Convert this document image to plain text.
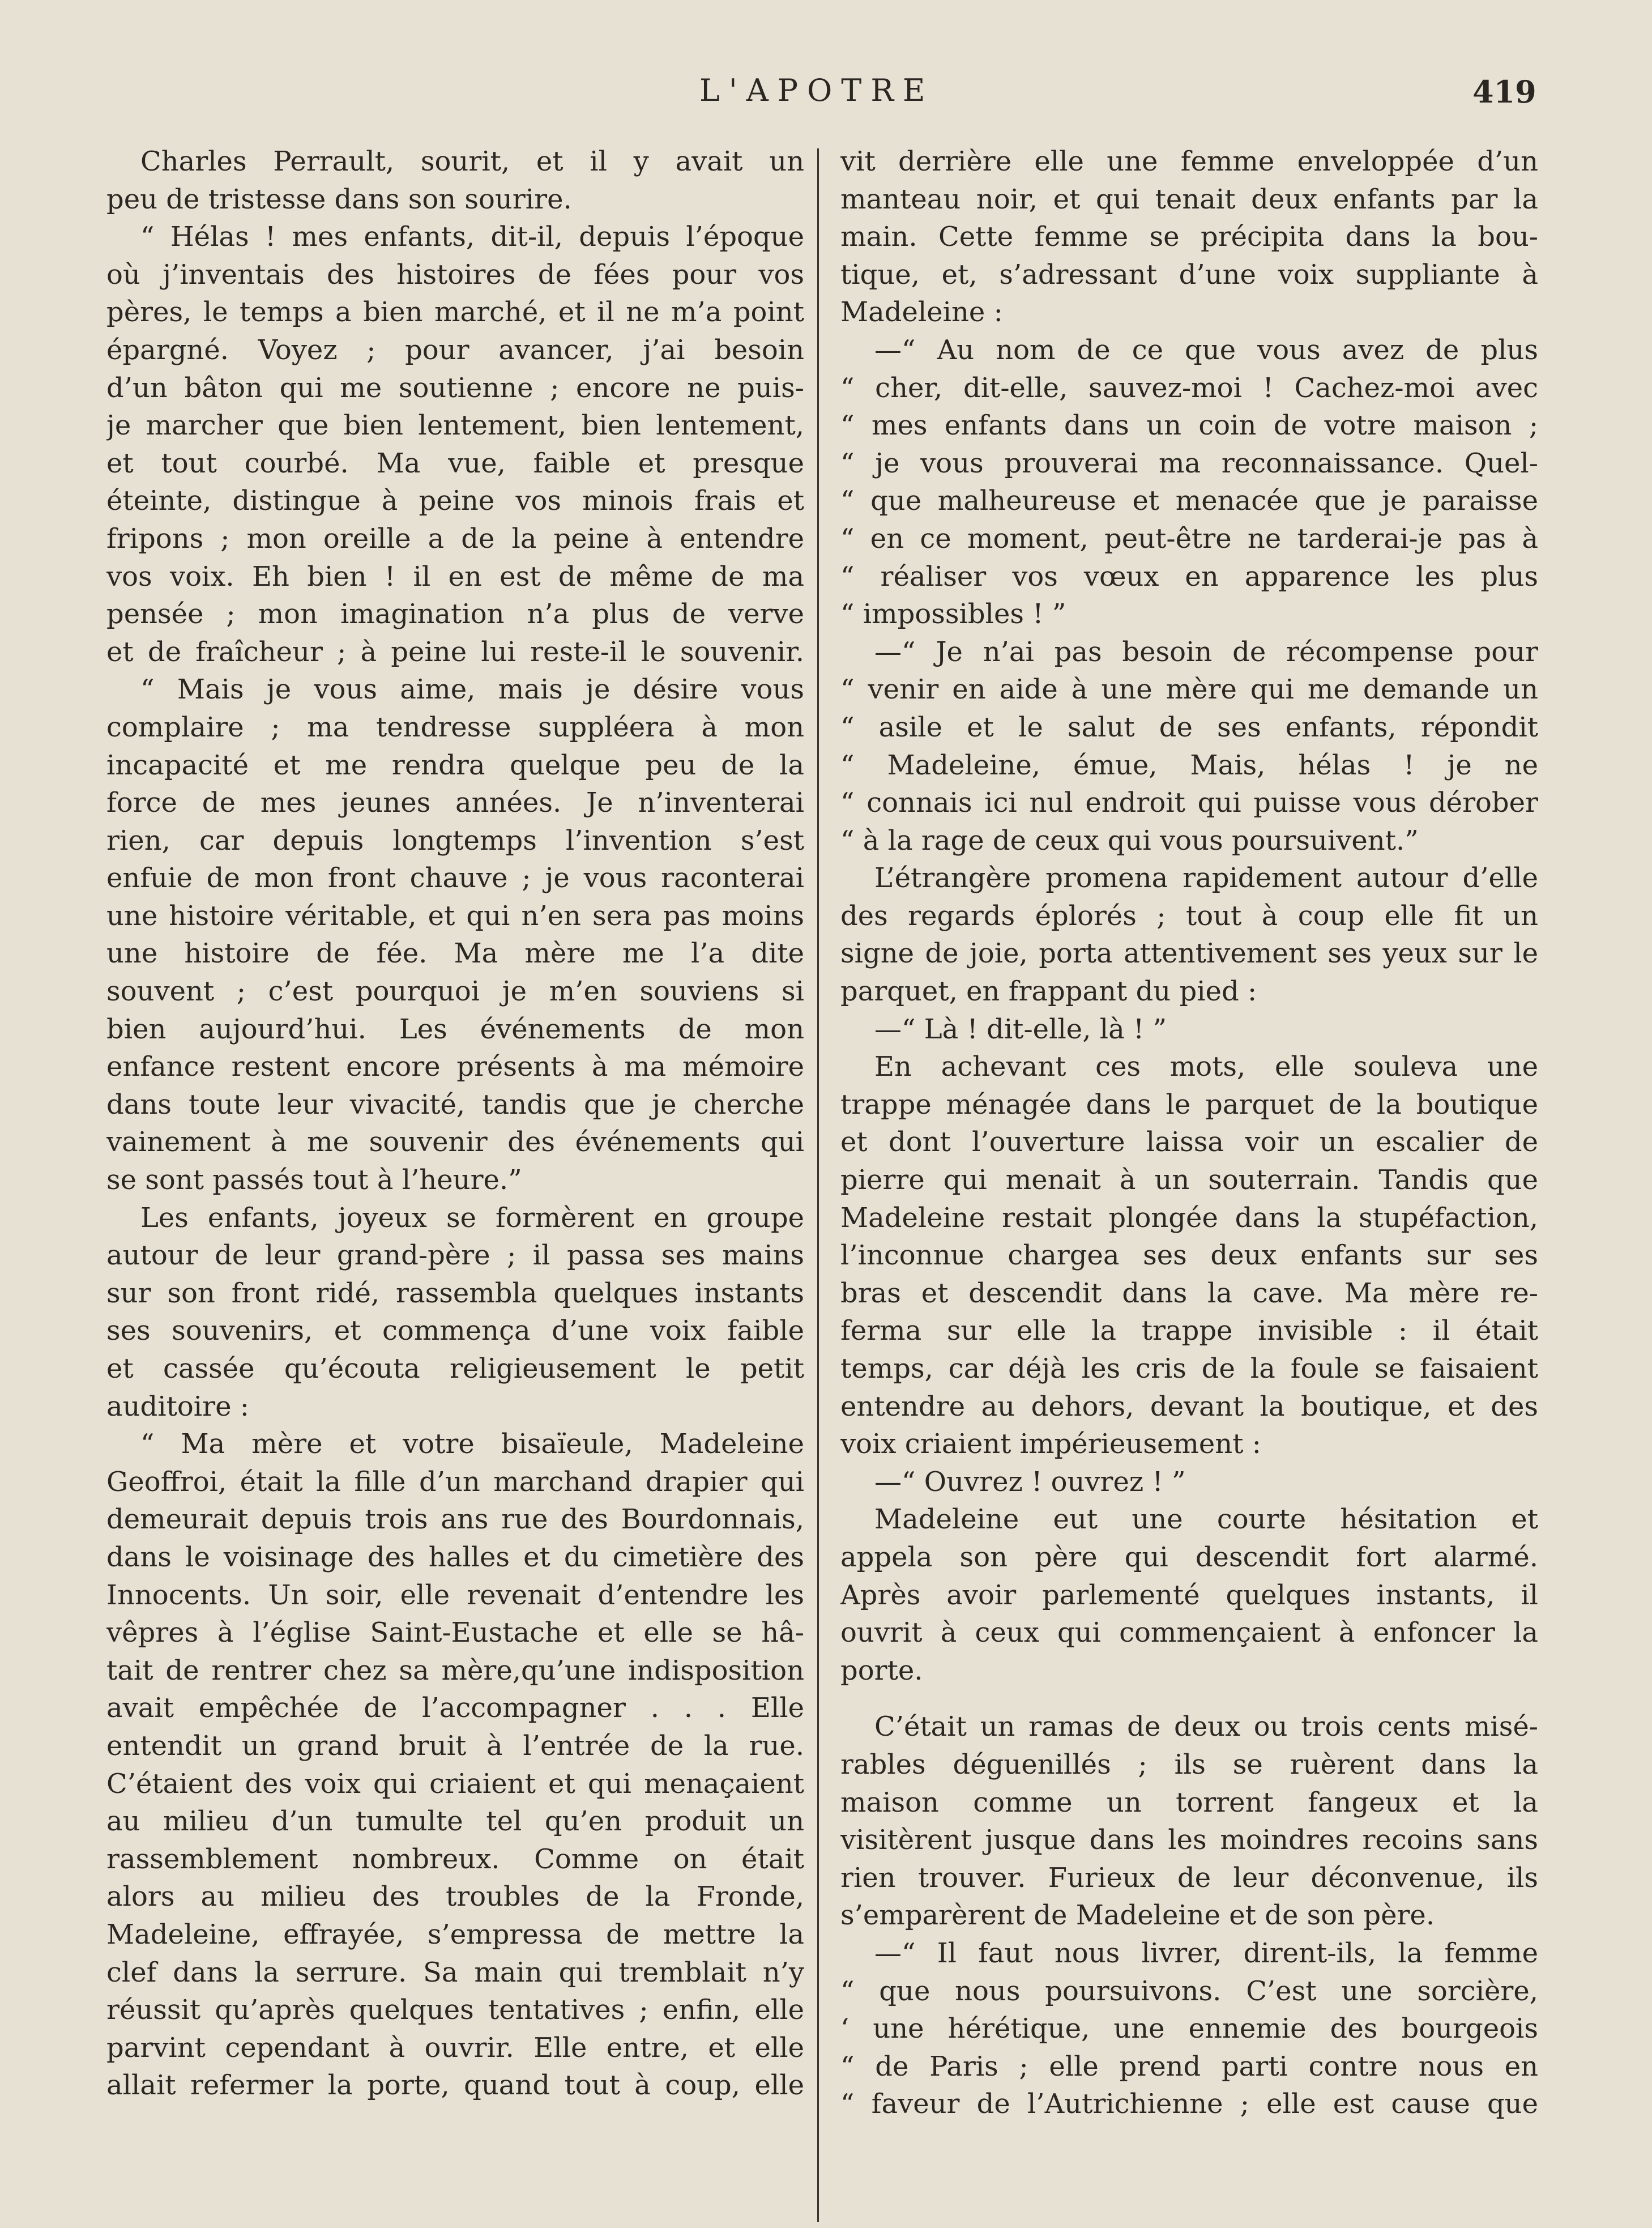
L'APOTRE	419
Charles Perrault, sourit, et il y avait un
peu de tristesse dans son sourire.
“ Hélas ! mes enfants, dit-il, depuis l’époque
où j’inventais des histoires de fées pour vos
pères, le temps a bien marché, et il ne m’a point
épargné. Voyez ; pour avancer, j’ai besoin
d’un bâton qui me soutienne ; encore ne puis-
je marcher que bien lentement, bien lentement,
et tout courbé. Ma vue, faible et presque
éteinte, distingue à peine vos minois frais et
fripons ; mon oreille a de la peine à entendre
vos voix. Eh bien ! il en est de même de ma
pensée ; mon imagination n’a plus de verve
et de fraîcheur ; à peine lui reste-il le souvenir.
“ Mais je vous aime, mais je désire vous
complaire ; ma tendresse suppléera à mon
incapacité et me rendra quelque peu de la
force de mes jeunes années. Je n’inventerai
rien, car depuis longtemps l’invention s’est
enfuie de mon front chauve ; je vous raconterai
une histoire véritable, et qui n’en sera pas moins
une histoire de fée. Ma mère me l’a dite
souvent ; c’est pourquoi je m’en souviens si
bien aujourd’hui. Les événements de mon
enfance restent encore présents à ma mémoire
dans toute leur vivacité, tandis que je cherche
vainement à me souvenir des événements qui
se sont passés tout à l’heure.”
Les enfants, joyeux se formèrent en groupe
autour de leur grand-père ; il passa ses mains
sur son front ridé, rassembla quelques instants
ses souvenirs, et commença d’une voix faible
et cassée qu’écouta religieusement le petit
auditoire :
“ Ma mère et votre bisaïeule, Madeleine
Geoffroi, était la fille d’un marchand drapier qui
demeurait depuis trois ans rue des Bourdonnais,
dans le voisinage des halles et du cimetière des
Innocents. Un soir, elle revenait d’entendre les
vêpres à l’église Saint-Eustache et elle se hâ-
tait de rentrer chez sa mère,qu’une indisposition
avait empêchée de l’accompagner . . . Elle
entendit un grand bruit à l’entrée de la rue.
C’étaient des voix qui criaient et qui menaçaient
au milieu d’un tumulte tel qu’en produit un
rassemblement nombreux. Comme on était
alors au milieu des troubles de la Fronde,
Madeleine, effrayée, s’empressa de mettre la
clef dans la serrure. Sa main qui tremblait n’y
réussit qu’après quelques tentatives ; enfin, elle
parvint cependant à ouvrir. Elle entre, et elle
allait refermer la porte, quand tout à coup, elle
vit derrière elle une femme enveloppée d’un
manteau noir, et qui tenait deux enfants par la
main. Cette femme se précipita dans la bou-
tique, et, s’adressant d’une voix suppliante à
Madeleine :
—“ Au nom de ce que vous avez de plus
“ cher, dit-elle, sauvez-moi ! Cachez-moi avec
“ mes enfants dans un coin de votre maison ;
“ je vous prouverai ma reconnaissance. Quel-
“ que malheureuse et menacée que je paraisse
“ en ce moment, peut-être ne tarderai-je pas à
“ réaliser vos vœux en apparence les plus
“ impossibles ! ”
—“ Je n’ai pas besoin de récompense pour
“ venir en aide à une mère qui me demande un
“ asile et le salut de ses enfants, répondit
“ Madeleine, émue, Mais, hélas ! je ne
“ connais ici nul endroit qui puisse vous dérober
“ à la rage de ceux qui vous poursuivent.”
L’étrangère promena rapidement autour d’elle
des regards éplorés ; tout à coup elle fit un
signe de joie, porta attentivement ses yeux sur le
parquet, en frappant du pied :
—“ Là ! dit-elle, là ! ”
En achevant ces mots, elle souleva une
trappe ménagée dans le parquet de la boutique
et dont l’ouverture laissa voir un escalier de
pierre qui menait à un souterrain. Tandis que
Madeleine restait plongée dans la stupéfaction,
l’inconnue chargea ses deux enfants sur ses
bras et descendit dans la cave. Ma mère re-
ferma sur elle la trappe invisible : il était
temps, car déjà les cris de la foule se faisaient
entendre au dehors, devant la boutique, et des
voix criaient impérieusement :
—“ Ouvrez ! ouvrez ! ”
Madeleine eut une courte hésitation et
appela son père qui descendit fort alarmé.
Après avoir parlementé quelques instants, il
ouvrit à ceux qui commençaient à enfoncer la
porte.
C’était un ramas de deux ou trois cents misé-
rables déguenillés ; ils se ruèrent dans la
maison comme un torrent fangeux et la
visitèrent jusque dans les moindres recoins sans
rien trouver. Furieux de leur déconvenue, ils
s’emparèrent de Madeleine et de son père.
—“ Il faut nous livrer, dirent-ils, la femme
“ que nous poursuivons. C’est une sorcière,
‘ une hérétique, une ennemie des bourgeois
“ de Paris ; elle prend parti contre nous en
“ faveur de l’Autrichienne ; elle est cause que
